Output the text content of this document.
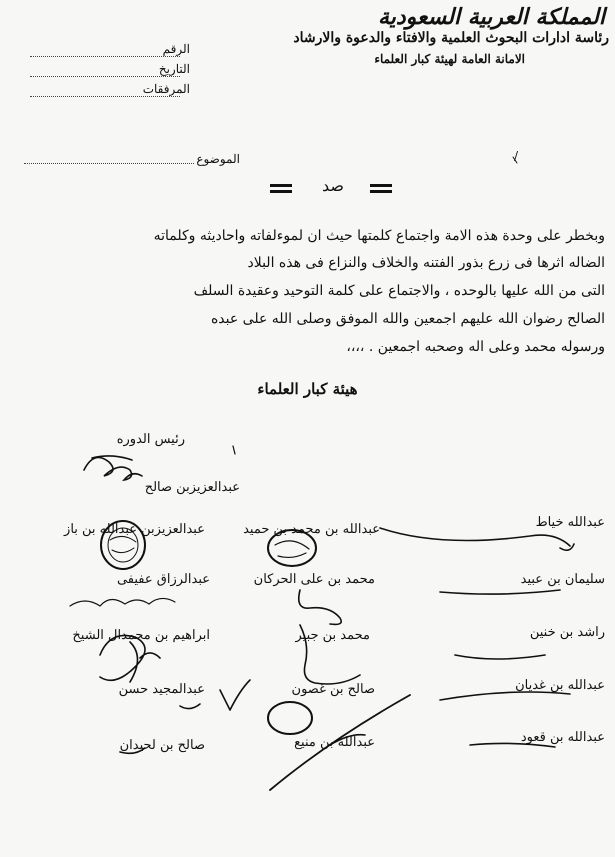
المملكة العربية السعودية
رئاسة ادارات البحوث العلمية والافتاء والدعوة والارشاد
الامانة العامة لهيئة كبار العلماء
الرقم
التاريخ
المرفقات
الموضوع	/
صد
وبخطر على وحدة هذه الامة واجتماع كلمتها حيث ان لموءلفاته واحاديثه وكلماته
الضاله اثرها فى زرع بذور الفتنه والخلاف والنزاع فى هذه البلاد
التى من الله عليها بالوحده ، والاجتماع على كلمة التوحيد وعقيدة السلف
الصالح رضوان الله عليهم اجمعين والله الموفق وصلى الله على عبده
ورسوله محمد وعلى اله وصحبه اجمعين . ،،،،
هيئة كبار العلماء
رئيس الدوره
عبدالعزيزبن صالح
عبدالعزيزبن عبدالله بن باز	عبدالله بن محمد بن حميد	عبدالله خياط
عبدالرزاق عفيفى	محمد بن على الحركان	سليمان بن عبيد
ابراهيم بن محمدال الشيخ	محمد بن جبير	راشد بن خنين
عبدالمجيد حسن	صالح بن غصون	عبدالله بن غديان
صالح بن لحيدان	عبدالله بن منيع	عبدالله بن قعود
